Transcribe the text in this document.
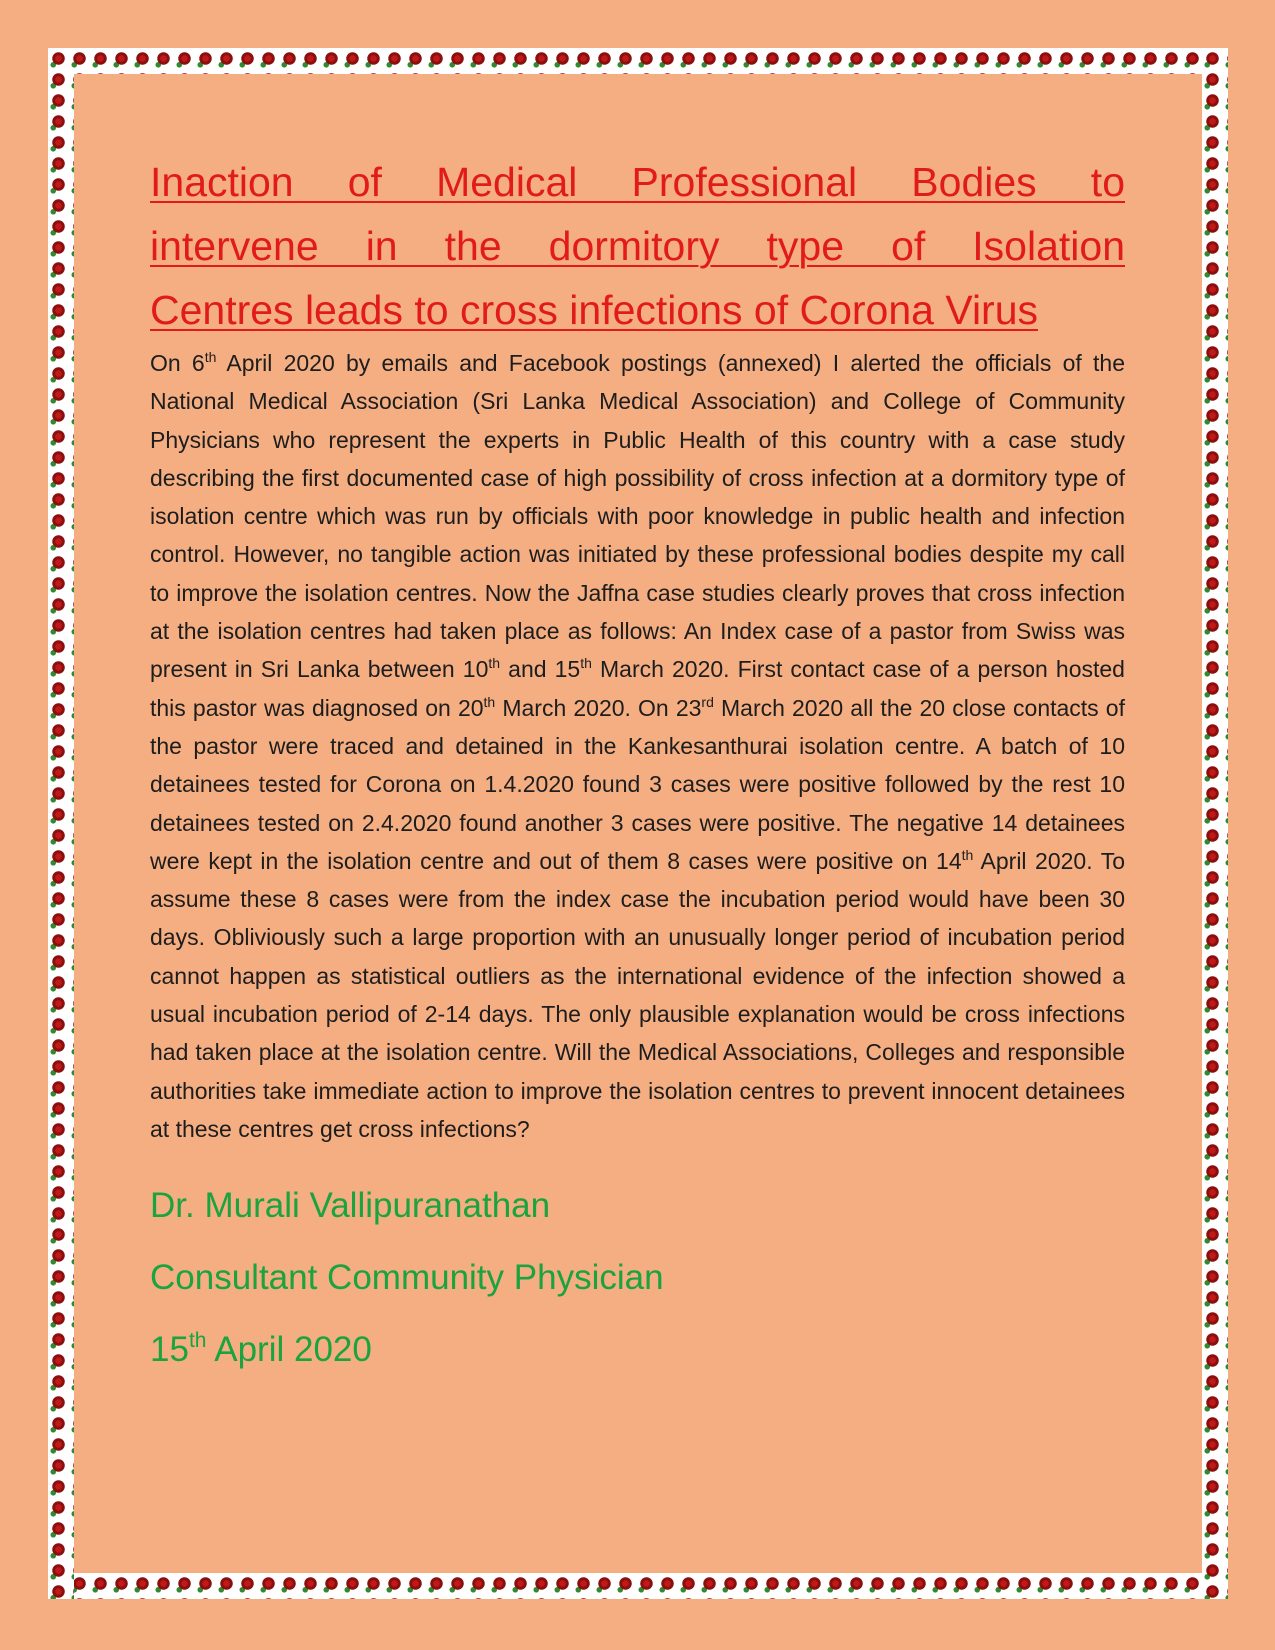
Inaction of Medical Professional Bodies to
intervene in the dormitory type of Isolation
Centres leads to cross infections of Corona Virus

On 6th April 2020 by emails and Facebook postings (annexed) I alerted the officials of the National Medical Association (Sri Lanka Medical Association) and College of Community Physicians who represent the experts in Public Health of this country with a case study describing the first documented case of high possibility of cross infection at a dormitory type of isolation centre which was run by officials with poor knowledge in public health and infection control. However, no tangible action was initiated by these professional bodies despite my call to improve the isolation centres. Now the Jaffna case studies clearly proves that cross infection at the isolation centres had taken place as follows: An Index case of a pastor from Swiss was present in Sri Lanka between 10th and 15th March 2020. First contact case of a person hosted this pastor was diagnosed on 20th March 2020. On 23rd March 2020 all the 20 close contacts of the pastor were traced and detained in the Kankesanthurai isolation centre. A batch of 10 detainees tested for Corona on 1.4.2020 found 3 cases were positive followed by the rest 10 detainees tested on 2.4.2020 found another 3 cases were positive. The negative 14 detainees were kept in the isolation centre and out of them 8 cases were positive on 14th April 2020. To assume these 8 cases were from the index case the incubation period would have been 30 days. Obliviously such a large proportion with an unusually longer period of incubation period cannot happen as statistical outliers as the international evidence of the infection showed a usual incubation period of 2-14 days. The only plausible explanation would be cross infections had taken place at the isolation centre. Will the Medical Associations, Colleges and responsible authorities take immediate action to improve the isolation centres to prevent innocent detainees at these centres get cross infections?

Dr. Murali Vallipuranathan

Consultant Community Physician

15th April 2020
